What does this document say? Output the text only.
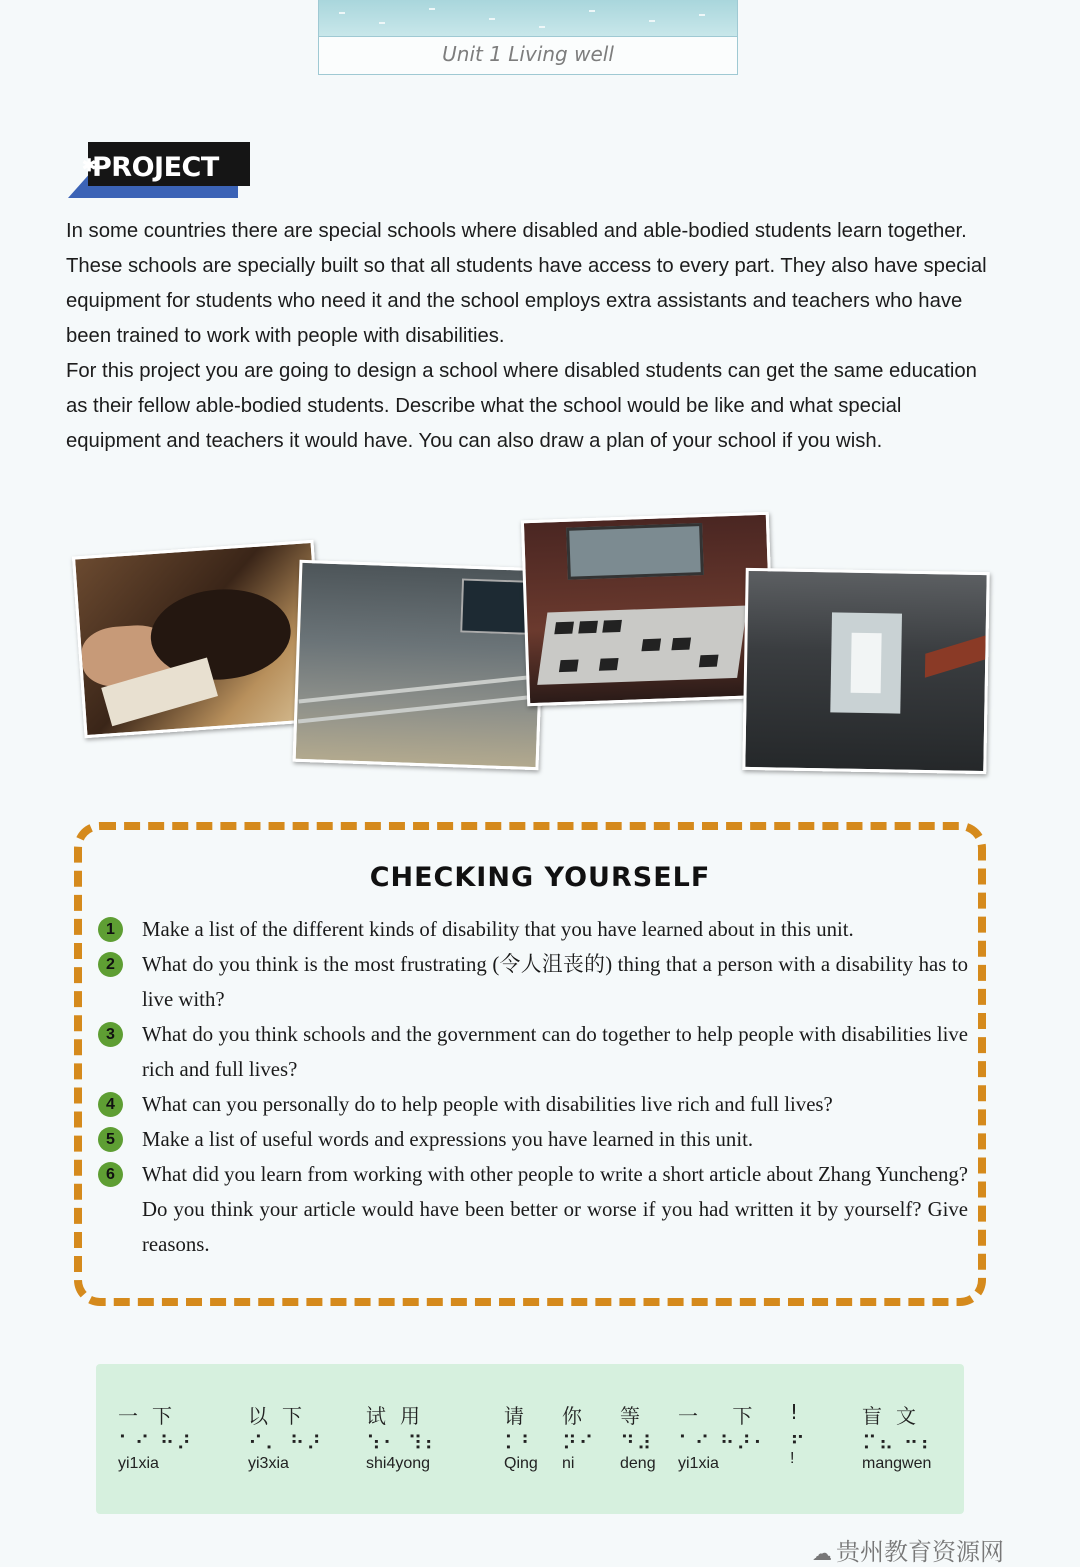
Unit 1 Living well
✱
PROJECT

In some countries there are special schools where disabled and able-bodied students learn together. These schools are specially built so that all students have access to every part. They also have special equipment for students who need it and the school employs extra assistants and teachers who have been trained to work with people with disabilities.

For this project you are going to design a school where disabled students can get the same education as their fellow able-bodied students. Describe what the school would be like and what special equipment and teachers it would have. You can also draw a plan of your school if you wish.

CHECKING YOURSELF

1	Make a list of the different kinds of disability that you have learned about in this unit.

2	What do you think is the most frustrating (令人沮丧的) thing that a person with a disability has to live with?

3	What do you think schools and the government can do together to help people with disabilities live rich and full lives?

4	What can you personally do to help people with disabilities live rich and full lives?

5	Make a list of useful words and expressions you have learned in this unit.

6	What did you learn from working with other people to write a short article about Zhang Yuncheng? Do you think your article would have been better or worse if you had written it by yourself? Give reasons.

一下
⠁⠊ ⠓⠜
yi1xia
以下
⠊⠄ ⠓⠜
yi3xia
试用
⠱⠂ ⠹⠆
shi4yong
请
⠅⠃
Qing
你
⠝⠊
ni
等
⠙⠼
deng
一 下
⠁⠊ ⠓⠜⠂
yi1xia
!
⠖
!
盲文
⠍⠦ ⠒⠆
mangwen
☁ 贵州教育资源网
